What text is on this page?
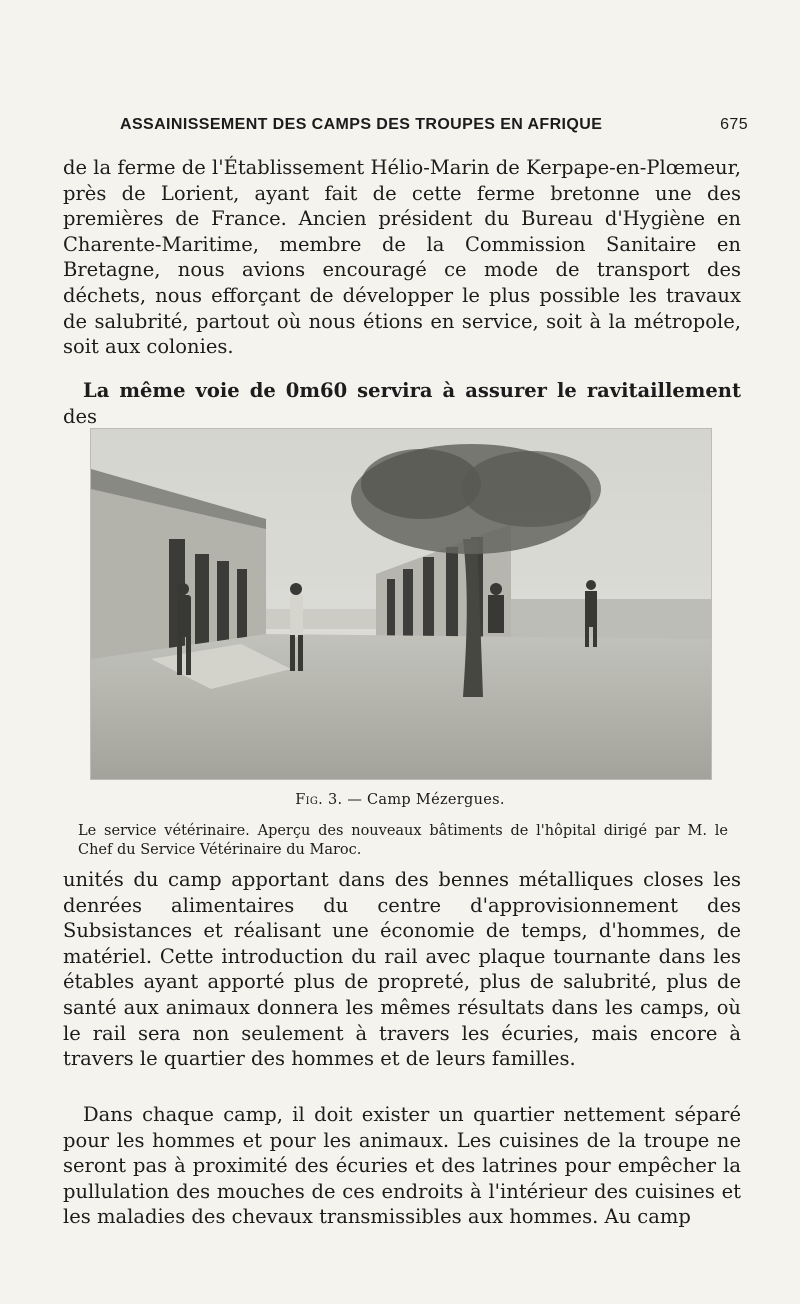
ASSAINISSEMENT DES CAMPS DES TROUPES EN AFRIQUE	675

de la ferme de l'Établissement Hélio-Marin de Kerpape-en-Plœmeur, près de Lorient, ayant fait de cette ferme bretonne une des premières de France. Ancien président du Bureau d'Hygiène en Charente-Maritime, membre de la Commission Sanitaire en Bretagne, nous avions encouragé ce mode de transport des déchets, nous efforçant de développer le plus possible les travaux de salubrité, partout où nous étions en service, soit à la métropole, soit aux colonies.

La même voie de 0m60 servira à assurer le ravitaillement des

Fig. 3. — Camp Mézergues.
Le service vétérinaire. Aperçu des nouveaux bâtiments de l'hôpital dirigé par M. le Chef du Service Vétérinaire du Maroc.

unités du camp apportant dans des bennes métalliques closes les denrées alimentaires du centre d'approvisionnement des Subsistances et réalisant une économie de temps, d'hommes, de matériel. Cette introduction du rail avec plaque tournante dans les étables ayant apporté plus de propreté, plus de salubrité, plus de santé aux animaux donnera les mêmes résultats dans les camps, où le rail sera non seulement à travers les écuries, mais encore à travers le quartier des hommes et de leurs familles.

Dans chaque camp, il doit exister un quartier nettement séparé pour les hommes et pour les animaux. Les cuisines de la troupe ne seront pas à proximité des écuries et des latrines pour empêcher la pullulation des mouches de ces endroits à l'intérieur des cuisines et les maladies des chevaux transmissibles aux hommes. Au camp
